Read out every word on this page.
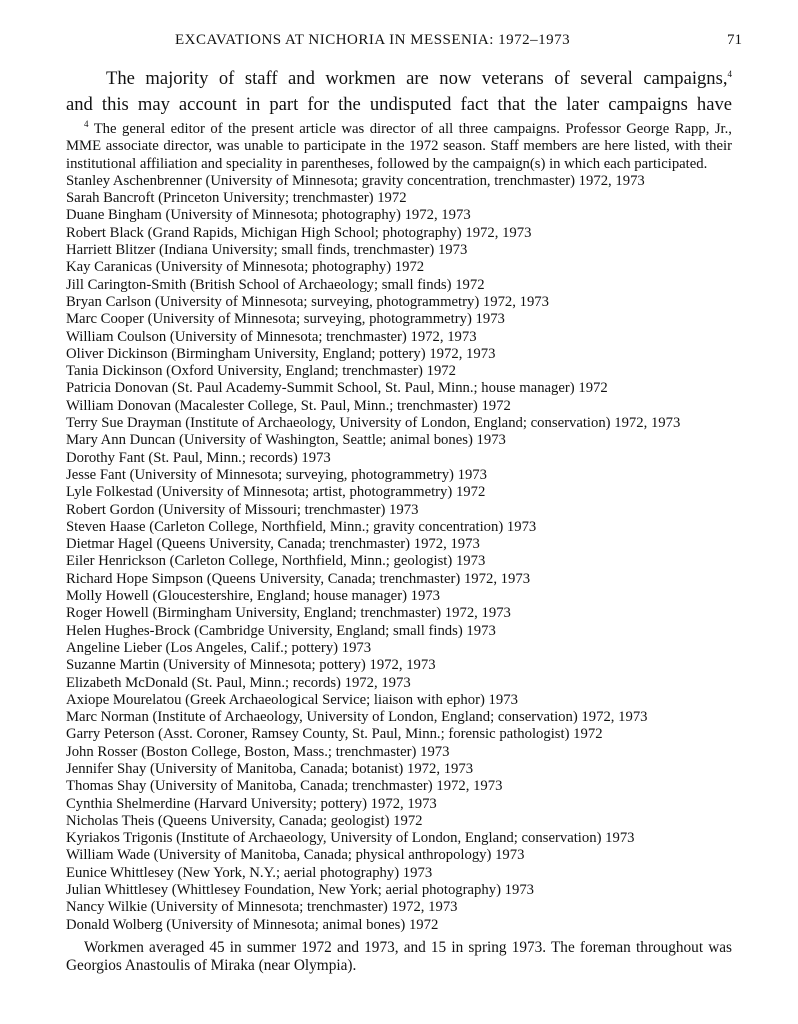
EXCAVATIONS AT NICHORIA IN MESSENIA: 1972–1973	71
The majority of staff and workmen are now veterans of several campaigns,$^4$
and this may account in part for the undisputed fact that the later campaigns have

$^4$ The general editor of the present article was director of all three campaigns. Professor George Rapp, Jr., MME associate director, was unable to participate in the 1972 season. Staff members are here listed, with their institutional affiliation and speciality in parentheses, followed by the campaign(s) in which each participated.

Stanley Aschenbrenner (University of Minnesota; gravity concentration, trenchmaster) 1972, 1973
Sarah Bancroft (Princeton University; trenchmaster) 1972
Duane Bingham (University of Minnesota; photography) 1972, 1973
Robert Black (Grand Rapids, Michigan High School; photography) 1972, 1973
Harriett Blitzer (Indiana University; small finds, trenchmaster) 1973
Kay Caranicas (University of Minnesota; photography) 1972
Jill Carington-Smith (British School of Archaeology; small finds) 1972
Bryan Carlson (University of Minnesota; surveying, photogrammetry) 1972, 1973
Marc Cooper (University of Minnesota; surveying, photogrammetry) 1973
William Coulson (University of Minnesota; trenchmaster) 1972, 1973
Oliver Dickinson (Birmingham University, England; pottery) 1972, 1973
Tania Dickinson (Oxford University, England; trenchmaster) 1972
Patricia Donovan (St. Paul Academy-Summit School, St. Paul, Minn.; house manager) 1972
William Donovan (Macalester College, St. Paul, Minn.; trenchmaster) 1972
Terry Sue Drayman (Institute of Archaeology, University of London, England; conservation) 1972, 1973
Mary Ann Duncan (University of Washington, Seattle; animal bones) 1973
Dorothy Fant (St. Paul, Minn.; records) 1973
Jesse Fant (University of Minnesota; surveying, photogrammetry) 1973
Lyle Folkestad (University of Minnesota; artist, photogrammetry) 1972
Robert Gordon (University of Missouri; trenchmaster) 1973
Steven Haase (Carleton College, Northfield, Minn.; gravity concentration) 1973
Dietmar Hagel (Queens University, Canada; trenchmaster) 1972, 1973
Eiler Henrickson (Carleton College, Northfield, Minn.; geologist) 1973
Richard Hope Simpson (Queens University, Canada; trenchmaster) 1972, 1973
Molly Howell (Gloucestershire, England; house manager) 1973
Roger Howell (Birmingham University, England; trenchmaster) 1972, 1973
Helen Hughes-Brock (Cambridge University, England; small finds) 1973
Angeline Lieber (Los Angeles, Calif.; pottery) 1973
Suzanne Martin (University of Minnesota; pottery) 1972, 1973
Elizabeth McDonald (St. Paul, Minn.; records) 1972, 1973
Axiope Mourelatou (Greek Archaeological Service; liaison with ephor) 1973
Marc Norman (Institute of Archaeology, University of London, England; conservation) 1972, 1973
Garry Peterson (Asst. Coroner, Ramsey County, St. Paul, Minn.; forensic pathologist) 1972
John Rosser (Boston College, Boston, Mass.; trenchmaster) 1973
Jennifer Shay (University of Manitoba, Canada; botanist) 1972, 1973
Thomas Shay (University of Manitoba, Canada; trenchmaster) 1972, 1973
Cynthia Shelmerdine (Harvard University; pottery) 1972, 1973
Nicholas Theis (Queens University, Canada; geologist) 1972
Kyriakos Trigonis (Institute of Archaeology, University of London, England; conservation) 1973
William Wade (University of Manitoba, Canada; physical anthropology) 1973
Eunice Whittlesey (New York, N.Y.; aerial photography) 1973
Julian Whittlesey (Whittlesey Foundation, New York; aerial photography) 1973
Nancy Wilkie (University of Minnesota; trenchmaster) 1972, 1973
Donald Wolberg (University of Minnesota; animal bones) 1972

Workmen averaged 45 in summer 1972 and 1973, and 15 in spring 1973. The foreman throughout was Georgios Anastoulis of Miraka (near Olympia).
